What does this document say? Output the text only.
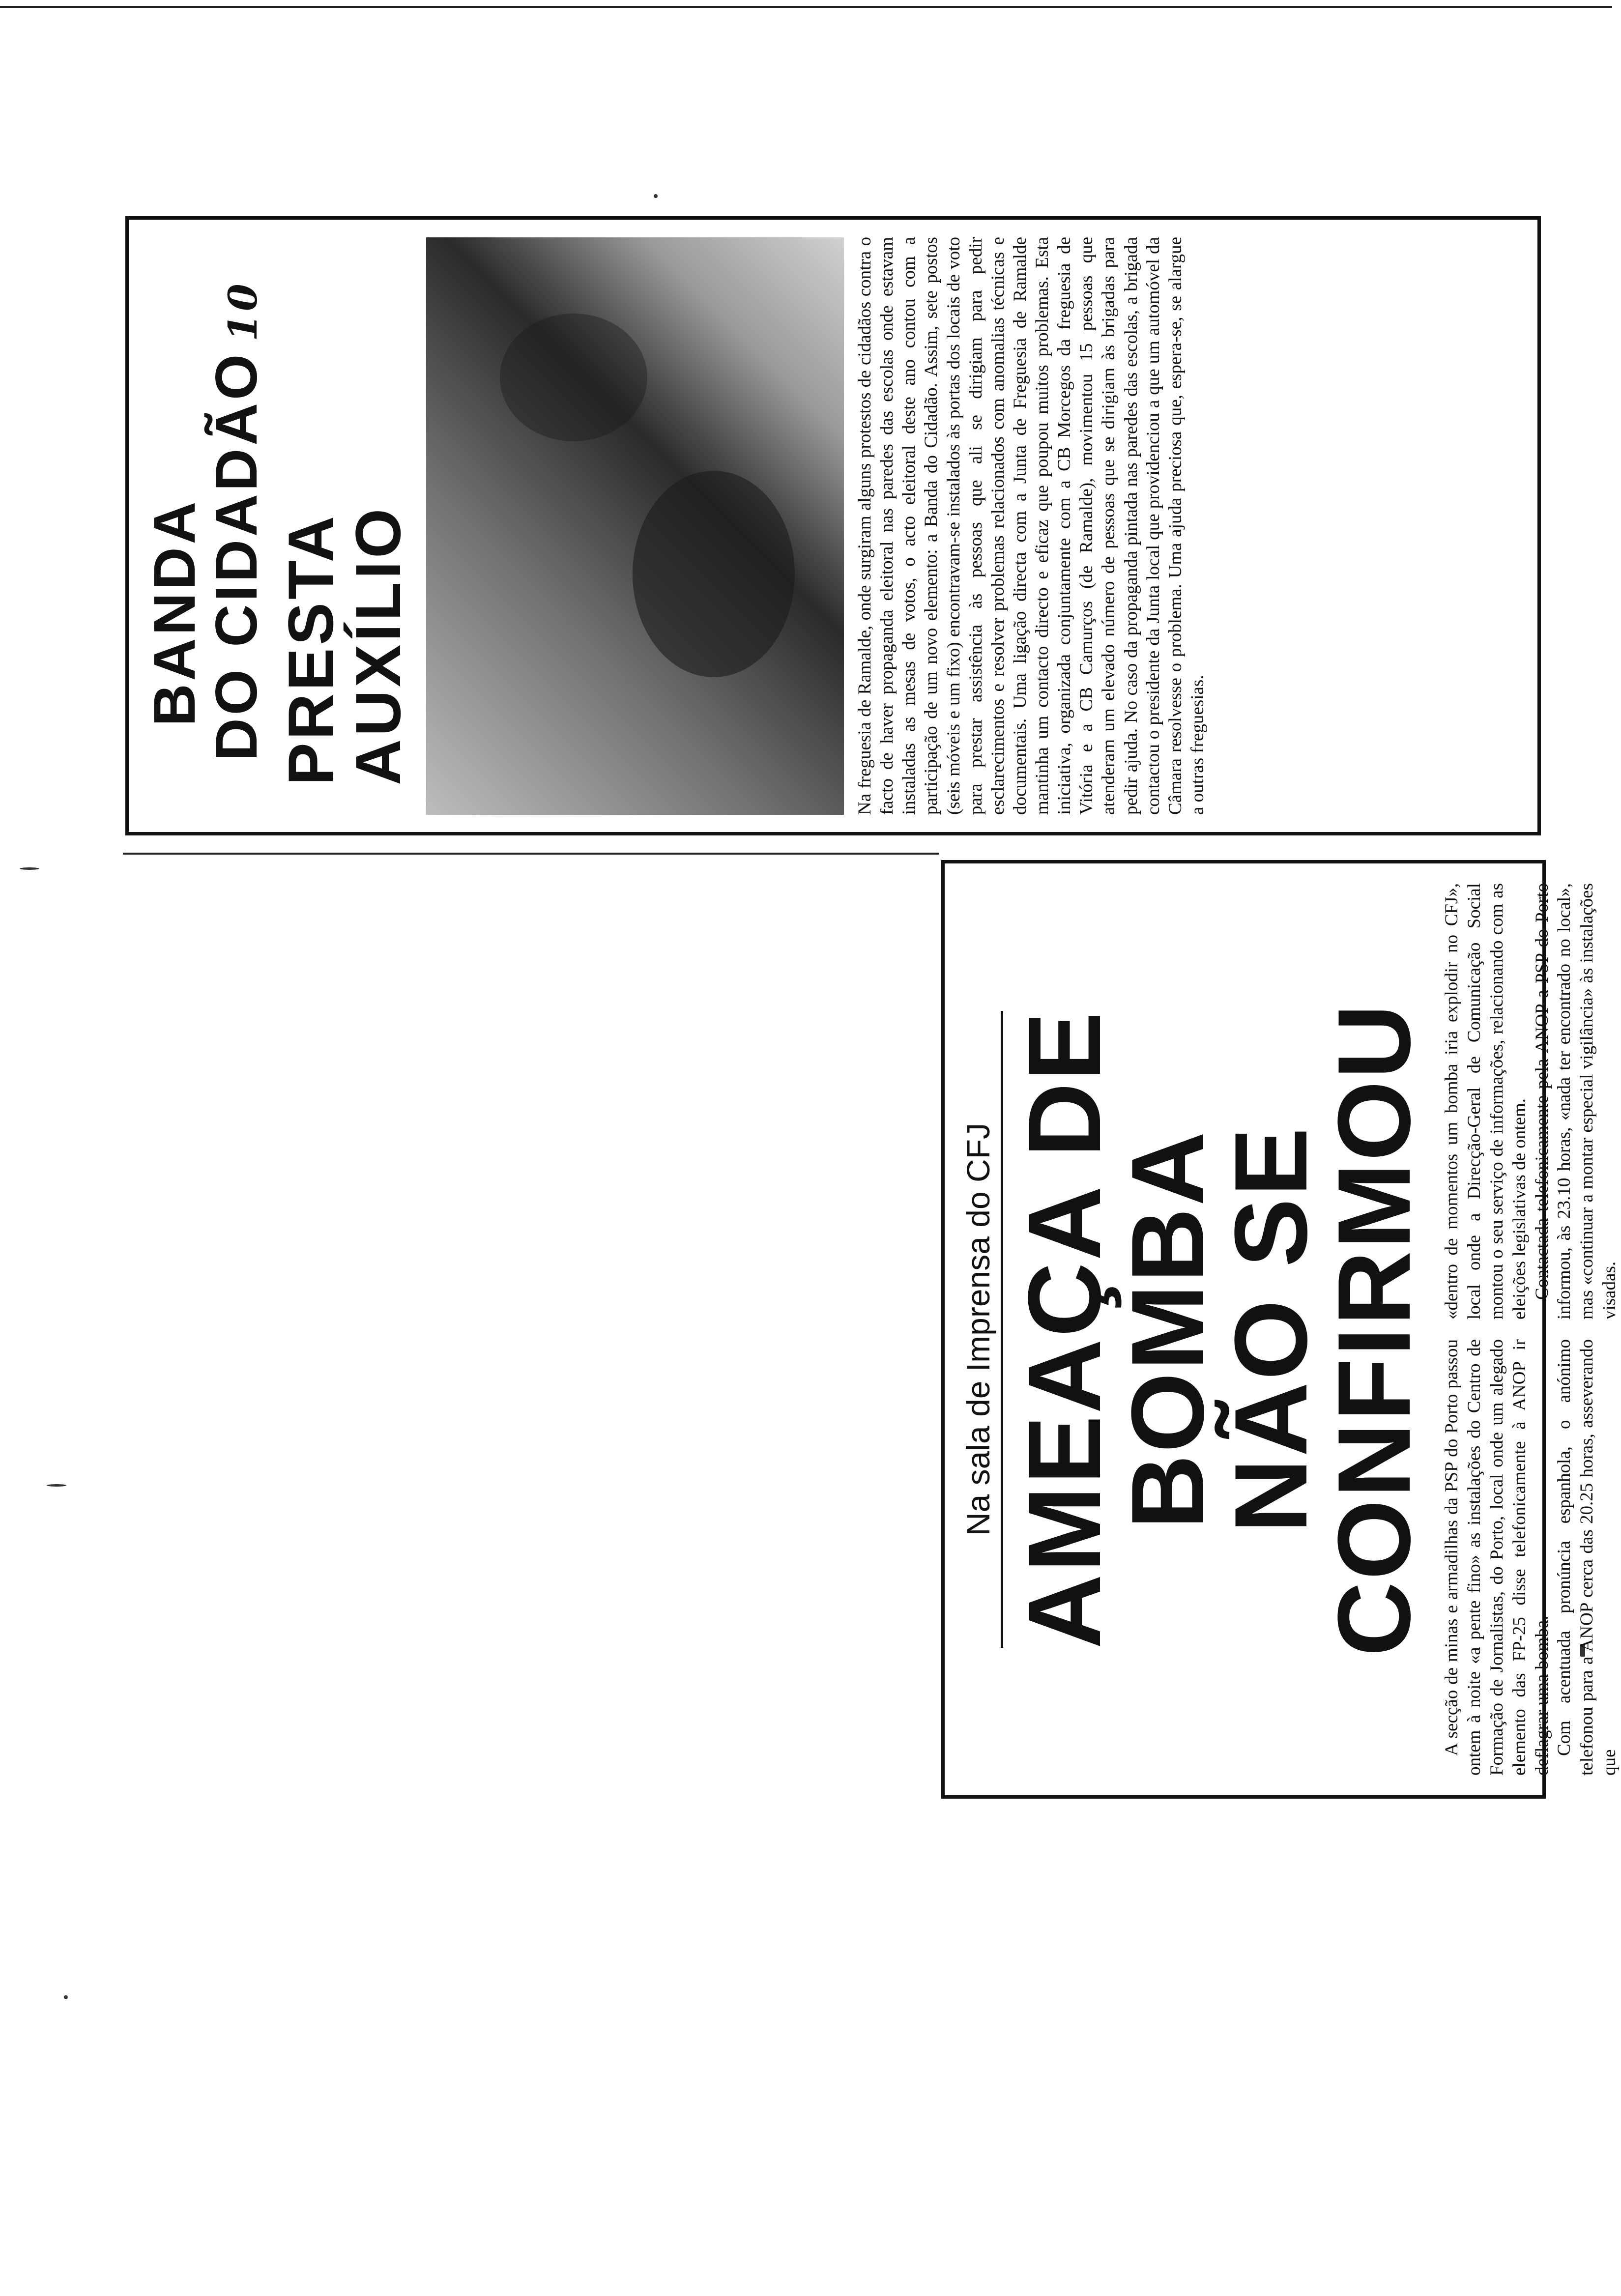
BANDA
DO CIDADÃO10
PRESTA AUXÍLIO	Na freguesia de Ramalde, onde surgiram alguns protestos de cidadãos contra o facto de haver propaganda eleitoral nas paredes das escolas onde estavam instaladas as mesas de votos, o acto eleitoral deste ano contou com a participação de um novo elemento: a Banda do Cidadão. Assim, sete postos (seis móveis e um fixo) encontravam-se instalados às portas dos locais de voto para prestar assistência às pessoas que ali se dirigiam para pedir esclarecimentos e resolver problemas relacionados com anomalias técnicas e documentais. Uma ligação directa com a Junta de Freguesia de Ramalde mantinha um contacto directo e eficaz que poupou muitos problemas. Esta iniciativa, organizada conjuntamente com a CB Morcegos da freguesia de Vitória e a CB Camurços (de Ramalde), movimentou 15 pessoas que atenderam um elevado número de pessoas que se dirigiam às brigadas para pedir ajuda. No caso da propaganda pintada nas paredes das escolas, a brigada contactou o presidente da Junta local que providenciou a que um automóvel da Câmara resolvesse o problema. Uma ajuda preciosa que, espera-se, se alargue a outras freguesias.

Na sala de Imprensa do CFJ AMEAÇA DE BOMBA
NÃO SE CONFIRMOU A secção de minas e armadilhas da PSP do Porto passou ontem à noite «a pente fino» as instalações do Centro de Formação de Jornalistas, do Porto, local onde um alegado elemento das FP-25 disse telefonicamente à ANOP ir deflagrar uma bomba. Com acentuada pronúncia espanhola, o anónimo telefonou para a ANOP cerca das 20.25 horas, asseverando que

«dentro de momentos um bomba iria explodir no CFJ», local onde a Direcção-Geral de Comunicação Social montou o seu serviço de informações, relacionando com as eleições legislativas de ontem. Contactada telefonicamente pela ANOP a PSP do Porto informou, às 23.10 horas, «nada ter encontrado no local», mas «continuar a montar especial vigilância» às instalações visadas.
